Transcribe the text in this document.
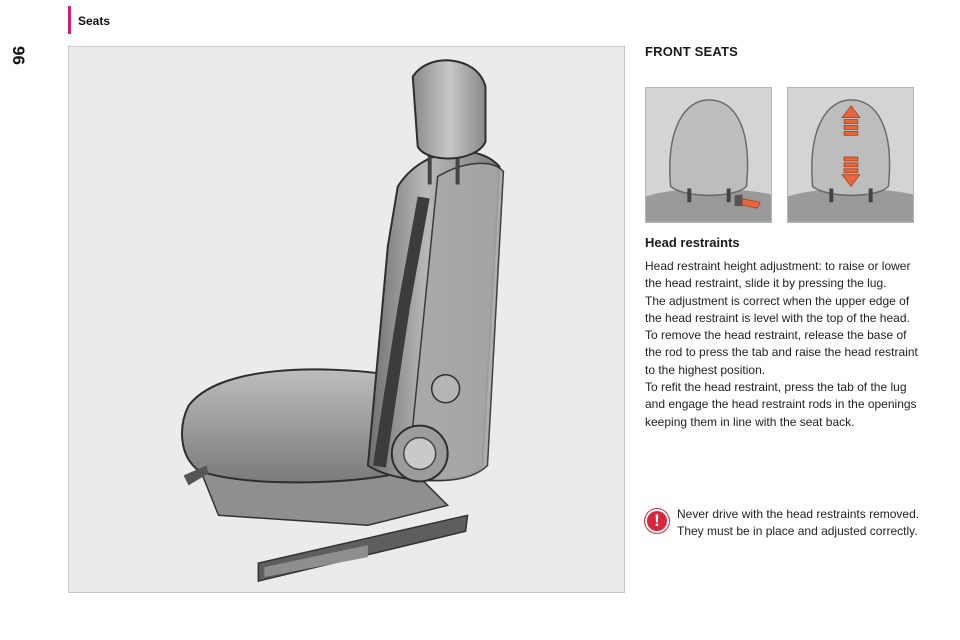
Seats
96	FRONT SEATS
Head restraints

Head restraint height adjustment: to raise or lower the head restraint, slide it by pressing the lug.

The adjustment is correct when the upper edge of the head restraint is level with the top of the head.

To remove the head restraint, release the base of the rod to press the tab and raise the head restraint to the highest position.

To refit the head restraint, press the tab of the lug and engage the head restraint rods in the openings keeping them in line with the seat back.

!	Never drive with the head restraints removed. They must be in place and adjusted correctly.
